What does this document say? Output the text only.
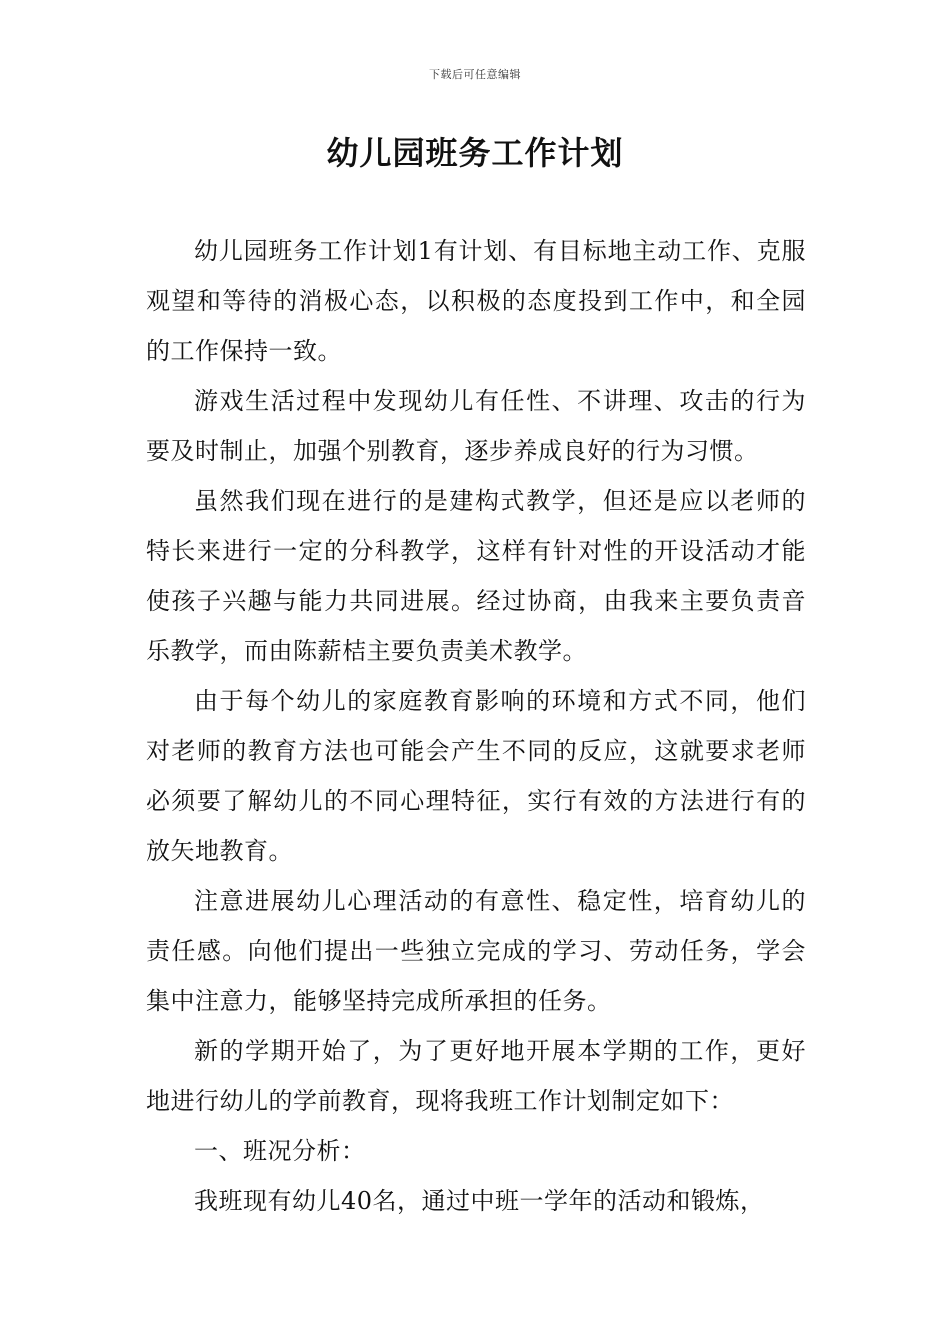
下载后可任意编辑
幼儿园班务工作计划

幼儿园班务工作计划1有计划、有目标地主动工作、克服观望和等待的消极心态，以积极的态度投到工作中，和全园的工作保持一致。

游戏生活过程中发现幼儿有任性、不讲理、攻击的行为要及时制止，加强个别教育，逐步养成良好的行为习惯。

虽然我们现在进行的是建构式教学，但还是应以老师的特长来进行一定的分科教学，这样有针对性的开设活动才能使孩子兴趣与能力共同进展。经过协商，由我来主要负责音乐教学，而由陈薪桔主要负责美术教学。

由于每个幼儿的家庭教育影响的环境和方式不同，他们对老师的教育方法也可能会产生不同的反应，这就要求老师必须要了解幼儿的不同心理特征，实行有效的方法进行有的放矢地教育。

注意进展幼儿心理活动的有意性、稳定性，培育幼儿的责任感。向他们提出一些独立完成的学习、劳动任务，学会集中注意力，能够坚持完成所承担的任务。

新的学期开始了，为了更好地开展本学期的工作，更好地进行幼儿的学前教育，现将我班工作计划制定如下：

一、班况分析：

我班现有幼儿40名，通过中班一学年的活动和锻炼，
